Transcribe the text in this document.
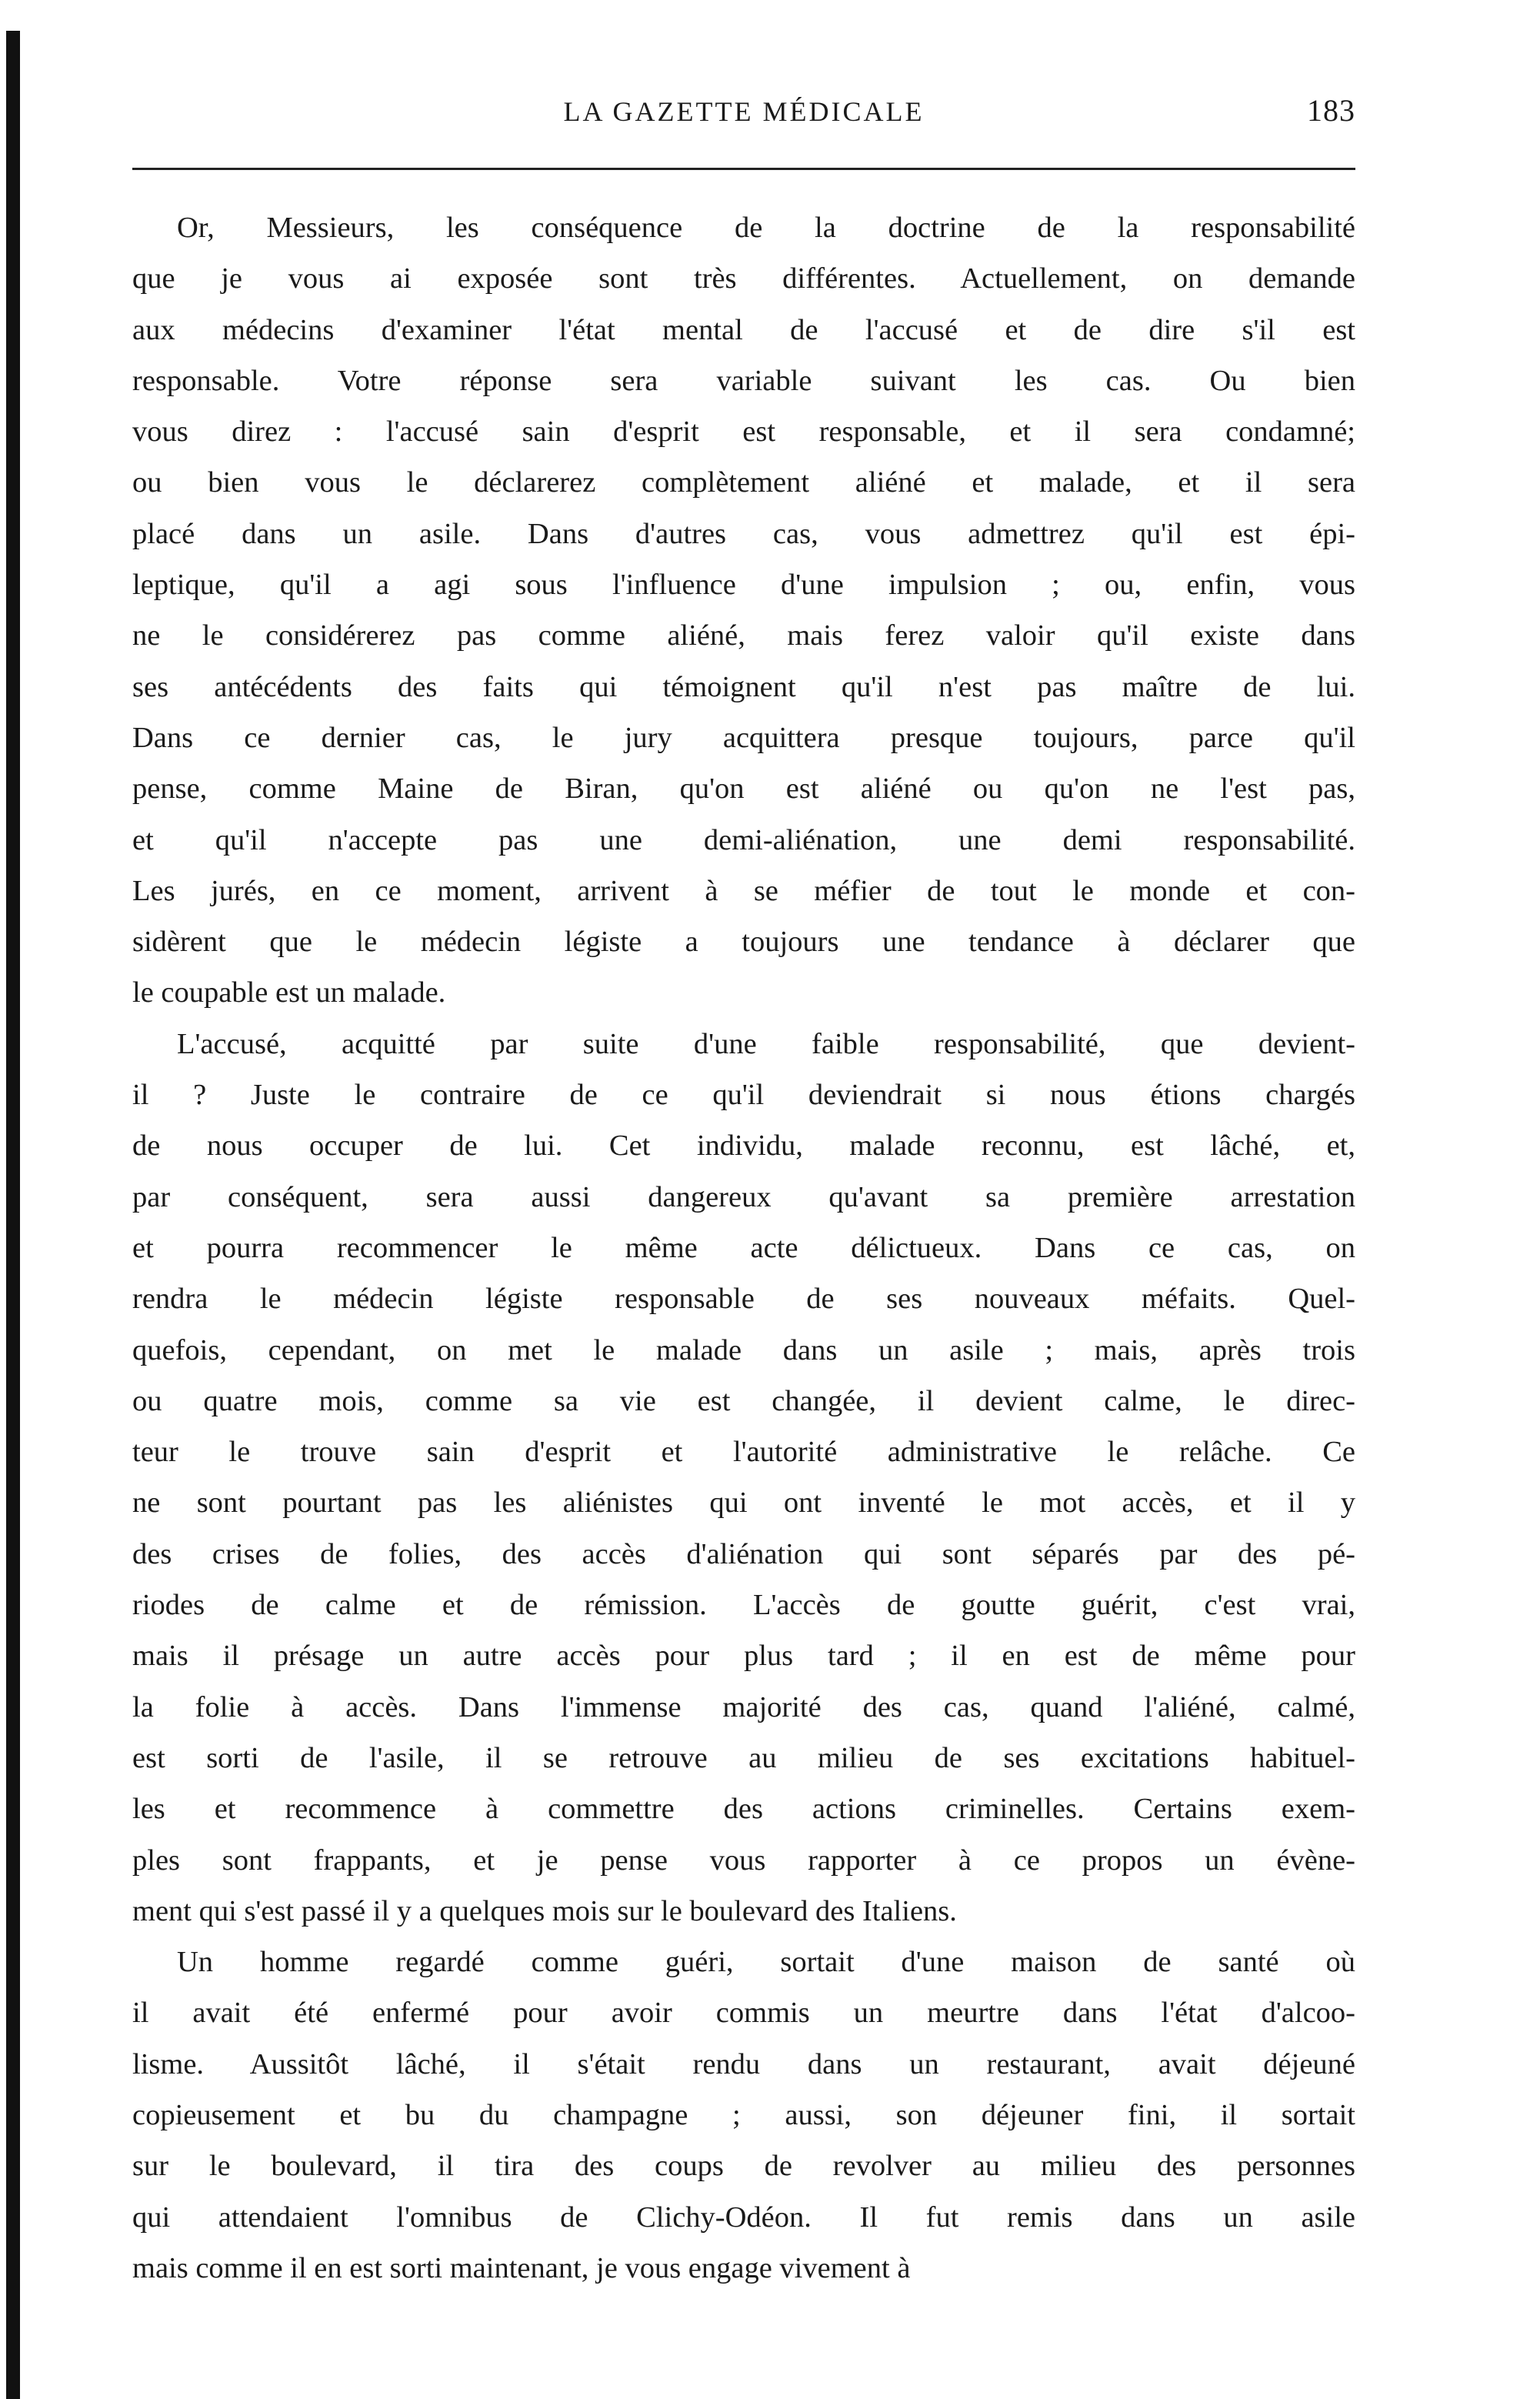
LA GAZETTE MÉDICALE	183
Or, Messieurs, les conséquence de la doctrine de la responsabilité
que je vous ai exposée sont très différentes. Actuellement, on demande
aux médecins d'examiner l'état mental de l'accusé et de dire s'il est
responsable. Votre réponse sera variable suivant les cas. Ou bien
vous direz : l'accusé sain d'esprit est responsable, et il sera condamné;
ou bien vous le déclarerez complètement aliéné et malade, et il sera
placé dans un asile. Dans d'autres cas, vous admettrez qu'il est épi-
leptique, qu'il a agi sous l'influence d'une impulsion ; ou, enfin, vous
ne le considérerez pas comme aliéné, mais ferez valoir qu'il existe dans
ses antécédents des faits qui témoignent qu'il n'est pas maître de lui.
Dans ce dernier cas, le jury acquittera presque toujours, parce qu'il
pense, comme Maine de Biran, qu'on est aliéné ou qu'on ne l'est pas,
et qu'il n'accepte pas une demi-aliénation, une demi responsabilité.
Les jurés, en ce moment, arrivent à se méfier de tout le monde et con-
sidèrent que le médecin légiste a toujours une tendance à déclarer que
le coupable est un malade.
L'accusé, acquitté par suite d'une faible responsabilité, que devient-
il ? Juste le contraire de ce qu'il deviendrait si nous étions chargés
de nous occuper de lui. Cet individu, malade reconnu, est lâché, et,
par conséquent, sera aussi dangereux qu'avant sa première arrestation
et pourra recommencer le même acte délictueux. Dans ce cas, on
rendra le médecin légiste responsable de ses nouveaux méfaits. Quel-
quefois, cependant, on met le malade dans un asile ; mais, après trois
ou quatre mois, comme sa vie est changée, il devient calme, le direc-
teur le trouve sain d'esprit et l'autorité administrative le relâche. Ce
ne sont pourtant pas les aliénistes qui ont inventé le mot accès, et il y
des crises de folies, des accès d'aliénation qui sont séparés par des pé-
riodes de calme et de rémission. L'accès de goutte guérit, c'est vrai,
mais il présage un autre accès pour plus tard ; il en est de même pour
la folie à accès. Dans l'immense majorité des cas, quand l'aliéné, calmé,
est sorti de l'asile, il se retrouve au milieu de ses excitations habituel-
les et recommence à commettre des actions criminelles. Certains exem-
ples sont frappants, et je pense vous rapporter à ce propos un évène-
ment qui s'est passé il y a quelques mois sur le boulevard des Italiens.
Un homme regardé comme guéri, sortait d'une maison de santé où
il avait été enfermé pour avoir commis un meurtre dans l'état d'alcoo-
lisme. Aussitôt lâché, il s'était rendu dans un restaurant, avait déjeuné
copieusement et bu du champagne ; aussi, son déjeuner fini, il sortait
sur le boulevard, il tira des coups de revolver au milieu des personnes
qui attendaient l'omnibus de Clichy-Odéon. Il fut remis dans un asile
mais comme il en est sorti maintenant, je vous engage vivement à
